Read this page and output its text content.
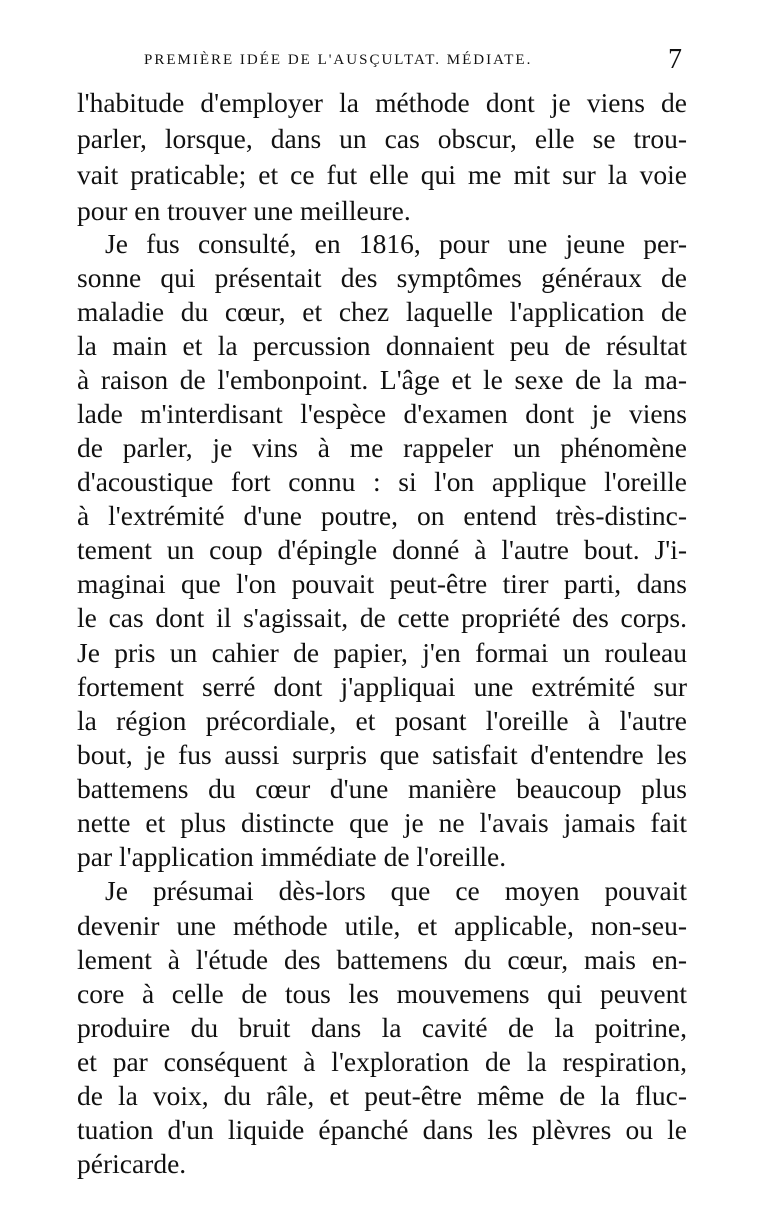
PREMIÈRE IDÉE DE L'AUSÇULTAT. MÉDIATE.	7
l'habitude d'employer la méthode dont je viens de
parler, lorsque, dans un cas obscur, elle se trou-
vait praticable; et ce fut elle qui me mit sur la voie
pour en trouver une meilleure.
Je fus consulté, en 1816, pour une jeune per-
sonne qui présentait des symptômes généraux de
maladie du cœur, et chez laquelle l'application de
la main et la percussion donnaient peu de résultat
à raison de l'embonpoint. L'âge et le sexe de la ma-
lade m'interdisant l'espèce d'examen dont je viens
de parler, je vins à me rappeler un phénomène
d'acoustique fort connu : si l'on applique l'oreille
à l'extrémité d'une poutre, on entend très-distinc-
tement un coup d'épingle donné à l'autre bout. J'i-
maginai que l'on pouvait peut-être tirer parti, dans
le cas dont il s'agissait, de cette propriété des corps.
Je pris un cahier de papier, j'en formai un rouleau
fortement serré dont j'appliquai une extrémité sur
la région précordiale, et posant l'oreille à l'autre
bout, je fus aussi surpris que satisfait d'entendre les
battemens du cœur d'une manière beaucoup plus
nette et plus distincte que je ne l'avais jamais fait
par l'application immédiate de l'oreille.
Je présumai dès-lors que ce moyen pouvait
devenir une méthode utile, et applicable, non-seu-
lement à l'étude des battemens du cœur, mais en-
core à celle de tous les mouvemens qui peuvent
produire du bruit dans la cavité de la poitrine,
et par conséquent à l'exploration de la respiration,
de la voix, du râle, et peut-être même de la fluc-
tuation d'un liquide épanché dans les plèvres ou le
péricarde.
